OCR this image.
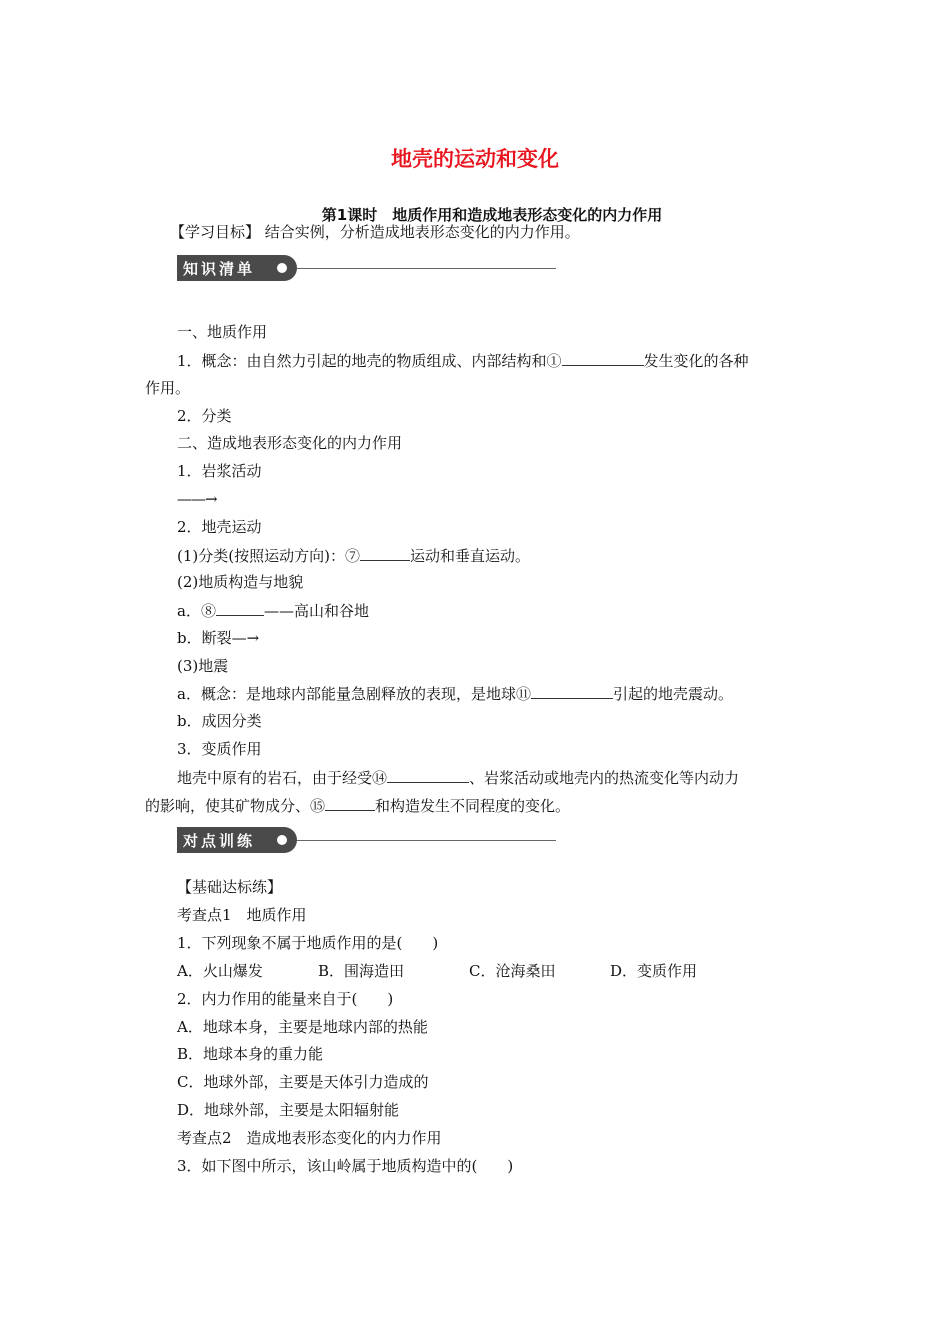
地壳的运动和变化
第1课时　地质作用和造成地表形态变化的内力作用
【学习目标】 结合实例，分析造成地表形态变化的内力作用。
知识清单
一、地质作用
1．概念：由自然力引起的地壳的物质组成、内部结构和①	发生变化的各种
作用。
2．分类
二、造成地表形态变化的内力作用
1．岩浆活动
——→
2．地壳运动
(1)分类(按照运动方向)：⑦	运动和垂直运动。
(2)地质构造与地貌
a．⑧	——高山和谷地
b．断裂—→
(3)地震
a．概念：是地球内部能量急剧释放的表现，是地球⑪	引起的地壳震动。
b．成因分类
3．变质作用
地壳中原有的岩石，由于经受⑭	、岩浆活动或地壳内的热流变化等内动力
的影响，使其矿物成分、⑮	和构造发生不同程度的变化。
对点训练
【基础达标练】
考查点1　地质作用
1．下列现象不属于地质作用的是(　　)
A．火山爆发	B．围海造田	C．沧海桑田	D．变质作用
2．内力作用的能量来自于(　　)
A．地球本身，主要是地球内部的热能
B．地球本身的重力能
C．地球外部，主要是天体引力造成的
D．地球外部，主要是太阳辐射能
考查点2　造成地表形态变化的内力作用
3．如下图中所示，该山岭属于地质构造中的(　　)
